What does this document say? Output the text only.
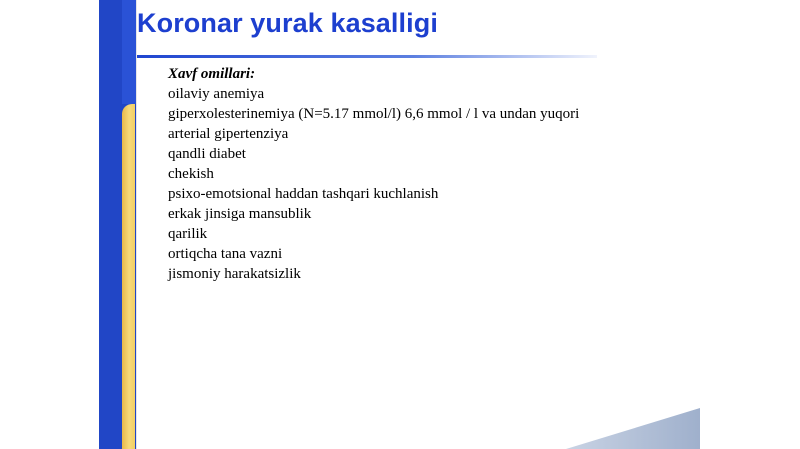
Koronar yurak kasalligi
Xavf omillari:
oilaviy anemiya
giperxolesterinemiya (N=5.17 mmol/l) 6,6 mmol / l va undan yuqori
arterial gipertenziya
qandli diabet
chekish
psixo-emotsional haddan tashqari kuchlanish
erkak jinsiga mansublik
qarilik
ortiqcha tana vazni
jismoniy harakatsizlik
